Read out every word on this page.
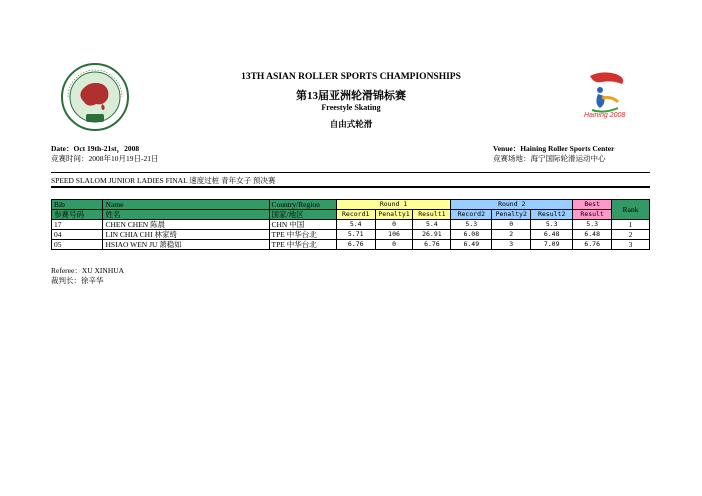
Haining 2008
13TH ASIAN ROLLER SPORTS CHAMPIONSHIPS
第13届亚洲轮滑锦标赛
Freestyle Skating
自由式轮滑
Date：Oct 19th-21st，2008
竞赛时间：2008年10月19日-21日
Venue：Haining Roller Sports Center
竞赛场地：海宁国际轮滑运动中心
SPEED SLALOM JUNIOR LADIES FINAL 速度过桩 青年女子 预决赛
Bib	Name	Country/Region	Round 1			Round 2			Best	Rank
参赛号码	姓名	国家/地区	Record1	Penalty1	Result1	Record2	Penalty2	Result2	Result	
17	CHEN CHEN 陈晨	CHN 中国	5.4	0	5.4	5.3	0	5.3	5.3	1
04	LIN CHIA CHI 林家绮	TPE 中华台北	5.71	106	26.91	6.08	2	6.48	6.48	2
05	HSIAO WEN JU 萧稳如	TPE 中华台北	6.76	0	6.76	6.49	3	7.09	6.76	3
Referee：XU XINHUA
裁判长：徐辛华
